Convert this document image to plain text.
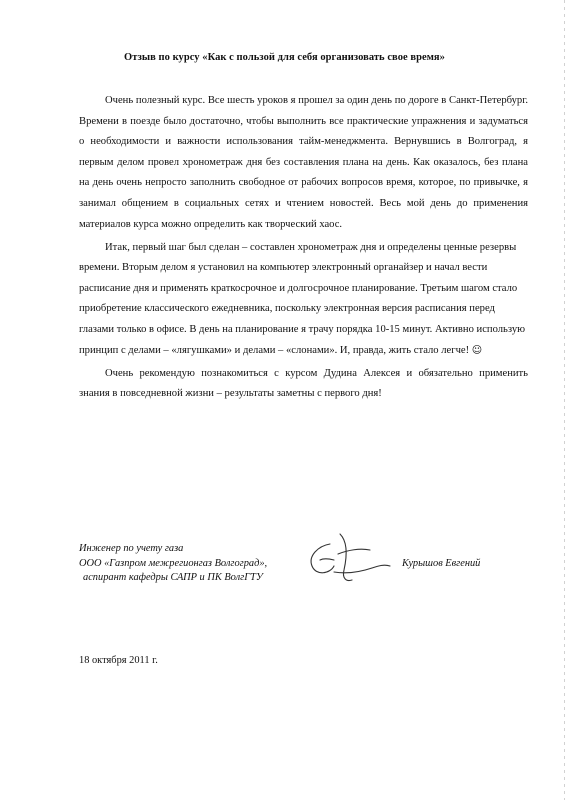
Отзыв по курсу «Как с пользой для себя организовать свое время»

Очень полезный курс. Все шесть уроков я прошел за один день по дороге в Санкт-Петербург. Времени в поезде было достаточно, чтобы выполнить все практические упражнения и задуматься о необходимости и важности использования тайм-менеджмента. Вернувшись в Волгоград, я первым делом провел хронометраж дня без составления плана на день. Как оказалось, без плана на день очень непросто заполнить свободное от рабочих вопросов время, которое, по привычке, я занимал общением в социальных сетях и чтением новостей. Весь мой день до применения материалов курса можно определить как творческий хаос.

Итак, первый шаг был сделан – составлен хронометраж дня и определены ценные резервы времени. Вторым делом я установил на компьютер электронный органайзер и начал вести расписание дня и применять краткосрочное и долгосрочное планирование. Третьим шагом стало приобретение классического ежедневника, поскольку электронная версия расписания перед глазами только в офисе. В день на планирование я трачу порядка 10-15 минут. Активно использую принцип с делами – «лягушками» и делами – «слонами». И, правда, жить стало легче! ☺

Очень рекомендую познакомиться с курсом Дудина Алексея и обязательно применить знания в повседневной жизни – результаты заметны с первого дня!

Инженер по учету газа
ООО «Газпром межрегионгаз Волгоград»,
аспирант кафедры САПР и ПК ВолгГТУ
Курышов Евгений
18 октября 2011 г.
